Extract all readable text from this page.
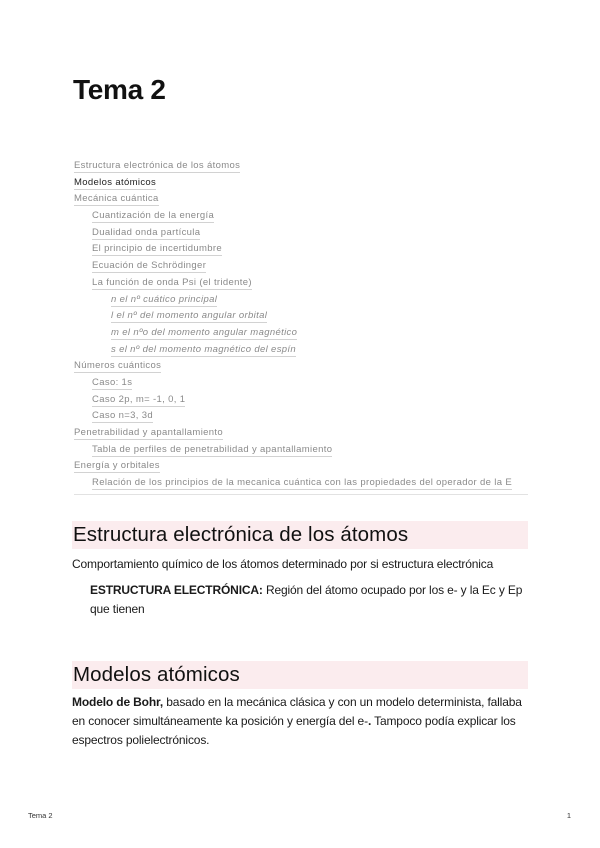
Tema 2
Estructura electrónica de los átomos
Modelos atómicos
Mecánica cuántica
Cuantización de la energía
Dualidad onda partícula
El principio de incertidumbre
Ecuación de Schrödinger
La función de onda Psi (el tridente)
n el nº cuático principal
l el nº del momento angular orbital
m el nºo del momento angular magnético
s el nº del momento magnético del espín
Números cuánticos
Caso: 1s
Caso 2p, m= -1, 0, 1
Caso n=3, 3d
Penetrabilidad y apantallamiento
Tabla de perfiles de penetrabilidad y apantallamiento
Energía y orbitales
Relación de los principios de la mecanica cuántica con las propiedades del operador de la E
Estructura electrónica de los átomos

Comportamiento químico de los átomos determinado por si estructura electrónica

ESTRUCTURA ELECTRÓNICA: Región del átomo ocupado por los e- y la Ec y Ep que tienen

Modelos atómicos

Modelo de Bohr, basado en la mecánica clásica y con un modelo determinista, fallaba en conocer simultáneamente ka posición y energía del e-. Tampoco podía explicar los espectros polielectrónicos.

Tema 2	1
